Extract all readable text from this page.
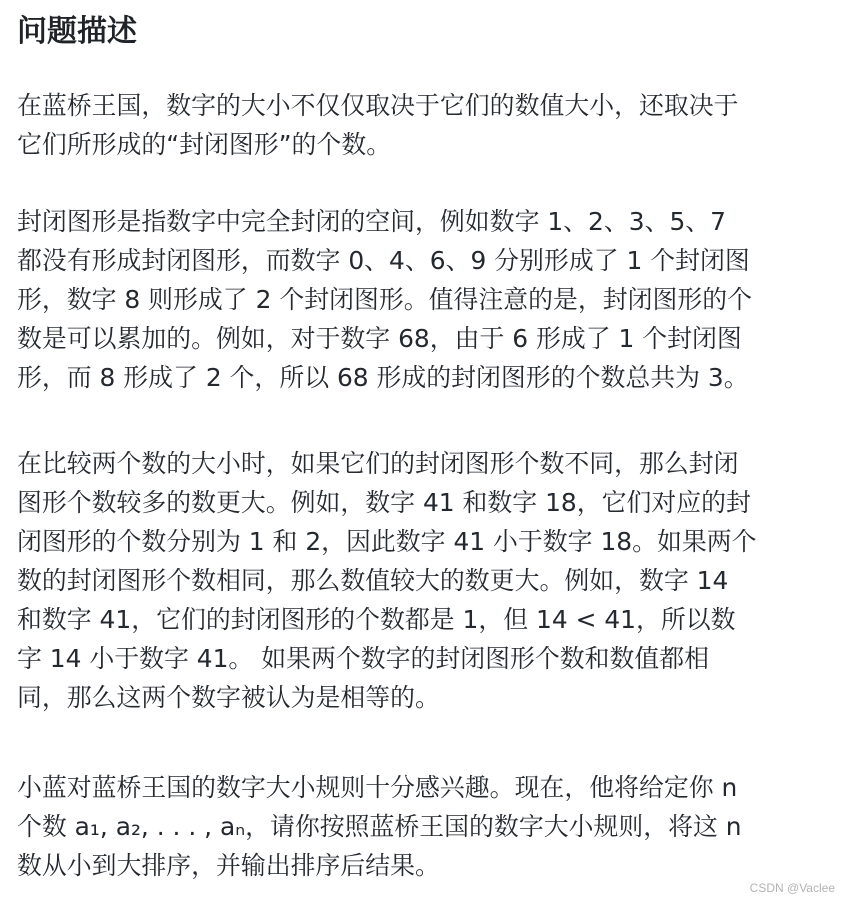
问题描述
在蓝桥王国，数字的大小不仅仅取决于它们的数值大小，还取决于 它们所形成的“封闭图形”的个数。
封闭图形是指数字中完全封闭的空间，例如数字 1、2、3、5、7 都没有形成封闭图形，而数字 0、4、6、9 分别形成了 1 个封闭图 形，数字 8 则形成了 2 个封闭图形。值得注意的是，封闭图形的个 数是可以累加的。例如，对于数字 68，由于 6 形成了 1 个封闭图 形，而 8 形成了 2 个，所以 68 形成的封闭图形的个数总共为 3。
在比较两个数的大小时，如果它们的封闭图形个数不同，那么封闭 图形个数较多的数更大。例如，数字 41 和数字 18，它们对应的封 闭图形的个数分别为 1 和 2，因此数字 41 小于数字 18。如果两个 数的封闭图形个数相同，那么数值较大的数更大。例如，数字 14 和数字 41，它们的封闭图形的个数都是 1，但 14 < 41，所以数 字 14 小于数字 41。 如果两个数字的封闭图形个数和数值都相 同，那么这两个数字被认为是相等的。
小蓝对蓝桥王国的数字大小规则十分感兴趣。现在，他将给定你 n 个数 a₁, a₂, . . . , aₙ，请你按照蓝桥王国的数字大小规则，将这 n 数从小到大排序，并输出排序后结果。
CSDN @Vaclee
